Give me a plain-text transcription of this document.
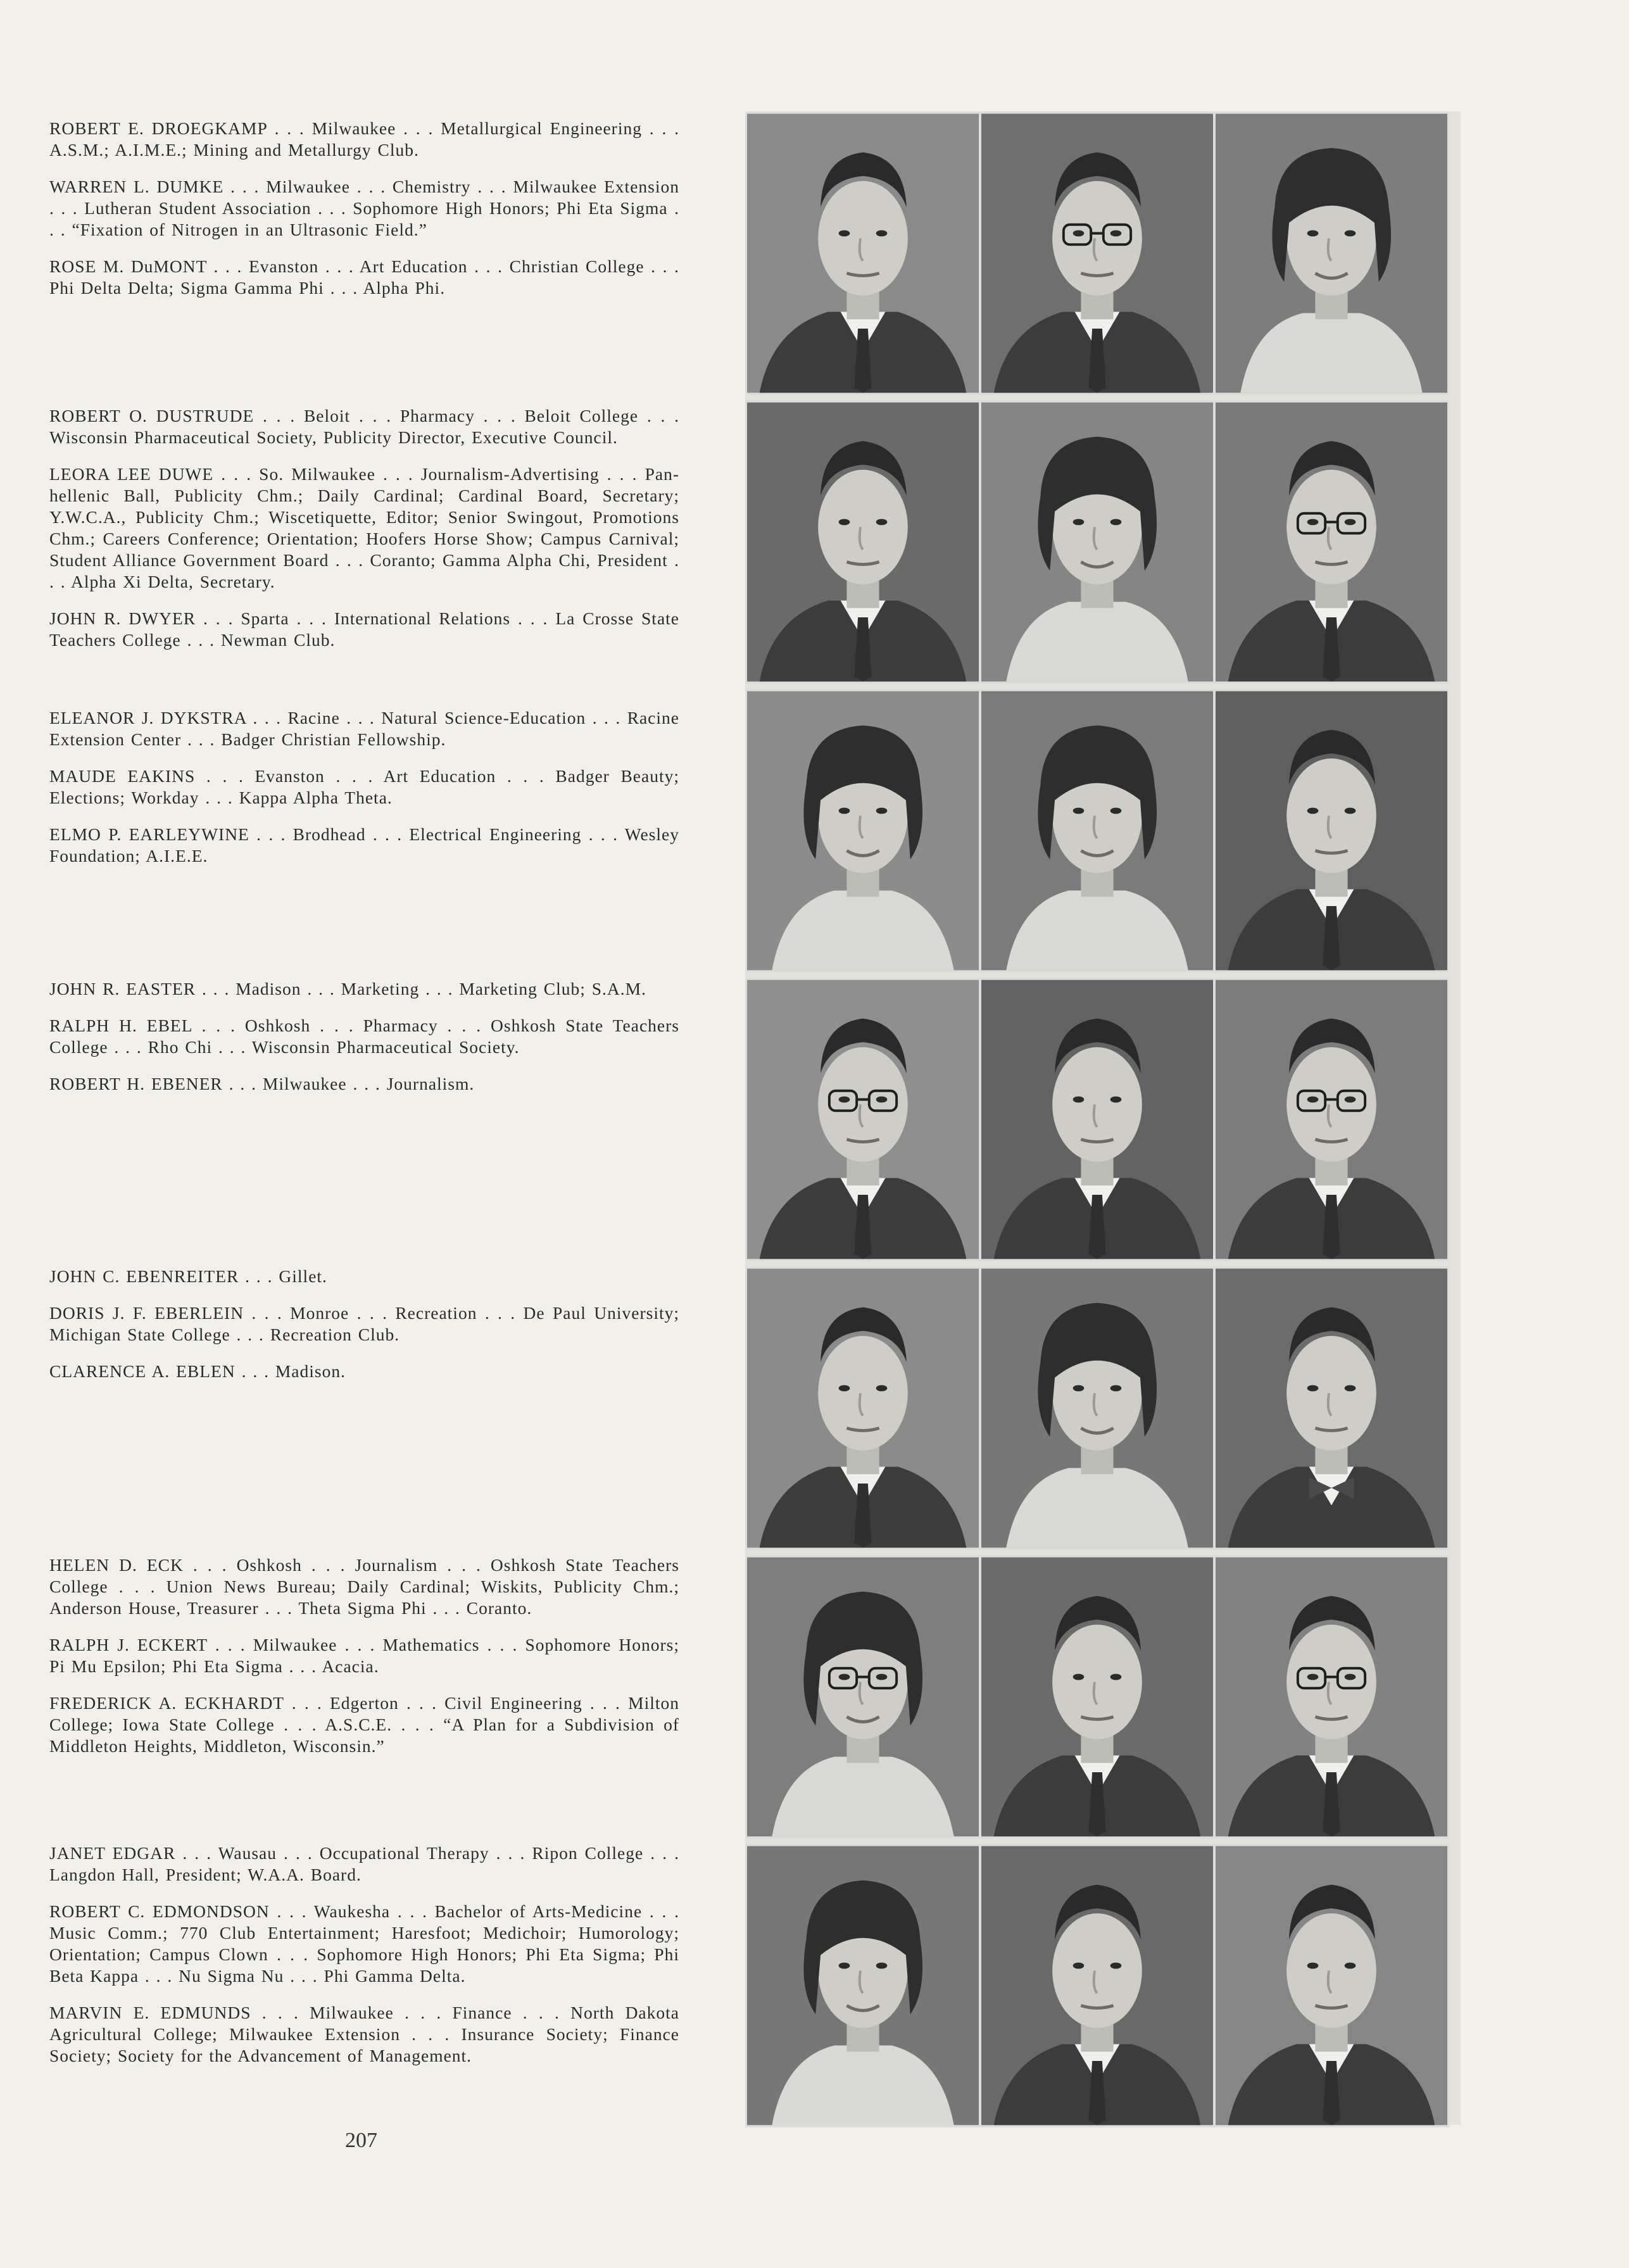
ROBERT E. DROEGKAMP . . . Milwaukee . . . Metallurgical Engineering . . . A.S.M.; A.I.M.E.; Mining and Metallurgy Club.

WARREN L. DUMKE . . . Milwaukee . . . Chemistry . . . Milwaukee Extension . . . Lutheran Student Association . . . Sophomore High Honors; Phi Eta Sigma . . . “Fixation of Nitrogen in an Ultrasonic Field.”

ROSE M. DuMONT . . . Evanston . . . Art Education . . . Christian College . . . Phi Delta Delta; Sigma Gamma Phi . . . Alpha Phi.

ROBERT O. DUSTRUDE . . . Beloit . . . Pharmacy . . . Beloit College . . . Wisconsin Pharmaceutical Society, Publicity Director, Executive Council.

LEORA LEE DUWE . . . So. Milwaukee . . . Journalism-Advertising . . . Pan-hellenic Ball, Publicity Chm.; Daily Cardinal; Cardinal Board, Secretary; Y.W.C.A., Publicity Chm.; Wiscetiquette, Editor; Senior Swingout, Promotions Chm.; Careers Conference; Orientation; Hoofers Horse Show; Campus Carnival; Student Alliance Government Board . . . Coranto; Gamma Alpha Chi, President . . . Alpha Xi Delta, Secretary.

JOHN R. DWYER . . . Sparta . . . International Relations . . . La Crosse State Teachers College . . . Newman Club.

ELEANOR J. DYKSTRA . . . Racine . . . Natural Science-Education . . . Racine Extension Center . . . Badger Christian Fellowship.

MAUDE EAKINS . . . Evanston . . . Art Education . . . Badger Beauty; Elections; Workday . . . Kappa Alpha Theta.

ELMO P. EARLEYWINE . . . Brodhead . . . Electrical Engineering . . . Wesley Foundation; A.I.E.E.

JOHN R. EASTER . . . Madison . . . Marketing . . . Marketing Club; S.A.M.

RALPH H. EBEL . . . Oshkosh . . . Pharmacy . . . Oshkosh State Teachers College . . . Rho Chi . . . Wisconsin Pharmaceutical Society.

ROBERT H. EBENER . . . Milwaukee . . . Journalism.

JOHN C. EBENREITER . . . Gillet.

DORIS J. F. EBERLEIN . . . Monroe . . . Recreation . . . De Paul University; Michigan State College . . . Recreation Club.

CLARENCE A. EBLEN . . . Madison.

HELEN D. ECK . . . Oshkosh . . . Journalism . . . Oshkosh State Teachers College . . . Union News Bureau; Daily Cardinal; Wiskits, Publicity Chm.; Anderson House, Treasurer . . . Theta Sigma Phi . . . Coranto.

RALPH J. ECKERT . . . Milwaukee . . . Mathematics . . . Sophomore Honors; Pi Mu Epsilon; Phi Eta Sigma . . . Acacia.

FREDERICK A. ECKHARDT . . . Edgerton . . . Civil Engineering . . . Milton College; Iowa State College . . . A.S.C.E. . . . “A Plan for a Subdivision of Middleton Heights, Middleton, Wisconsin.”

JANET EDGAR . . . Wausau . . . Occupational Therapy . . . Ripon College . . . Langdon Hall, President; W.A.A. Board.

ROBERT C. EDMONDSON . . . Waukesha . . . Bachelor of Arts-Medicine . . . Music Comm.; 770 Club Entertainment; Haresfoot; Medichoir; Humorology; Orientation; Campus Clown . . . Sophomore High Honors; Phi Eta Sigma; Phi Beta Kappa . . . Nu Sigma Nu . . . Phi Gamma Delta.

MARVIN E. EDMUNDS . . . Milwaukee . . . Finance . . . North Dakota Agricultural College; Milwaukee Extension . . . Insurance Society; Finance Society; Society for the Advancement of Management.

207
